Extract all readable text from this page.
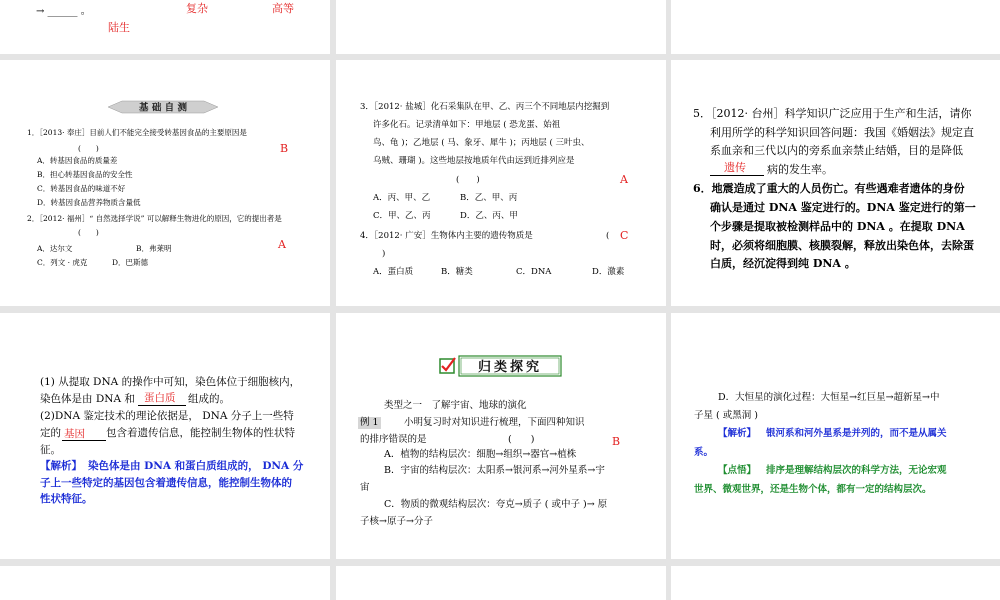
→ ______ 。	复杂	高等
陆生
基 础 自 测
1．［2013· 奉庄］目前人们不能完全接受转基因食品的主要原因是
(　　)	B
A．转基因食品的质量差
B．担心转基因食品的安全性
C．转基因食品的味道不好
D．转基因食品营养物质含量低
2．［2012· 福州］“ 自然选择学说” 可以解释生物进化的原因，它的提出者是
(　　)
A
A．达尔文	B．弗莱明
C．列文 · 虎克	D．巴斯德
3．［2012· 盐城］化石采集队在甲、乙、丙三个不同地层内挖掘到
许多化石。记录清单如下：甲地层 ( 恐龙蛋、始祖
鸟、龟 )；乙地层 ( 马、象牙、犀牛 )；丙地层 ( 三叶虫、
乌贼、珊瑚 )。这些地层按地质年代由远到近排列应是
(　　)	A
A．丙、甲、乙	B．乙、甲、丙
C．甲、乙、丙	D．乙、丙、甲
4．［2012· 广安］生物体内主要的遗传物质是	( C
)
A．蛋白质	B．糖类	C．DNA	D．激素
5．［2012· 台州］科学知识广泛应用于生产和生活，请你
利用所学的科学知识回答问题：我国《婚姻法》规定直
系血亲和三代以内的旁系血亲禁止结婚，目的是降低
遗传 病的发生率。
6．地震造成了重大的人员伤亡。有些遇难者遗体的身份
确认是通过 DNA 鉴定进行的。DNA 鉴定进行的第一
个步骤是提取被检测样品中的 DNA 。在提取 DNA
时，必须将细胞膜、核膜裂解，释放出染色体，去除蛋
白质，经沉淀得到纯 DNA 。
(1) 从提取 DNA 的操作中可知，染色体位于细胞核内，
染色体是由 DNA 和 蛋白质 组成的。
(2)DNA 鉴定技术的理论依据是， DNA 分子上一些特
定的 基因 包含着遗传信息，能控制生物体的性状特
征。
【解析】 染色体是由 DNA 和蛋白质组成的， DNA 分
子上一些特定的基因包含着遗传信息，能控制生物体的
性状特征。
归类探究
类型之一　了解宇宙、地球的演化
例 1	小明复习时对知识进行梳理，下面四种知识
的排序错误的是	(　　)	B
A．植物的结构层次：细胞→组织→器官→植株
B．宇宙的结构层次：太阳系→银河系→河外星系→宇
宙
C．物质的微观结构层次：夸克→质子 ( 或中子 )→ 原
子核→原子→分子
D．大恒星的演化过程：大恒星→红巨星→超新星→中
子星 ( 或黑洞 )
【解析】 银河系和河外星系是并列的，而不是从属关
系。
【点悟】 排序是理解结构层次的科学方法，无论宏观
世界、微观世界，还是生物个体，都有一定的结构层次。
